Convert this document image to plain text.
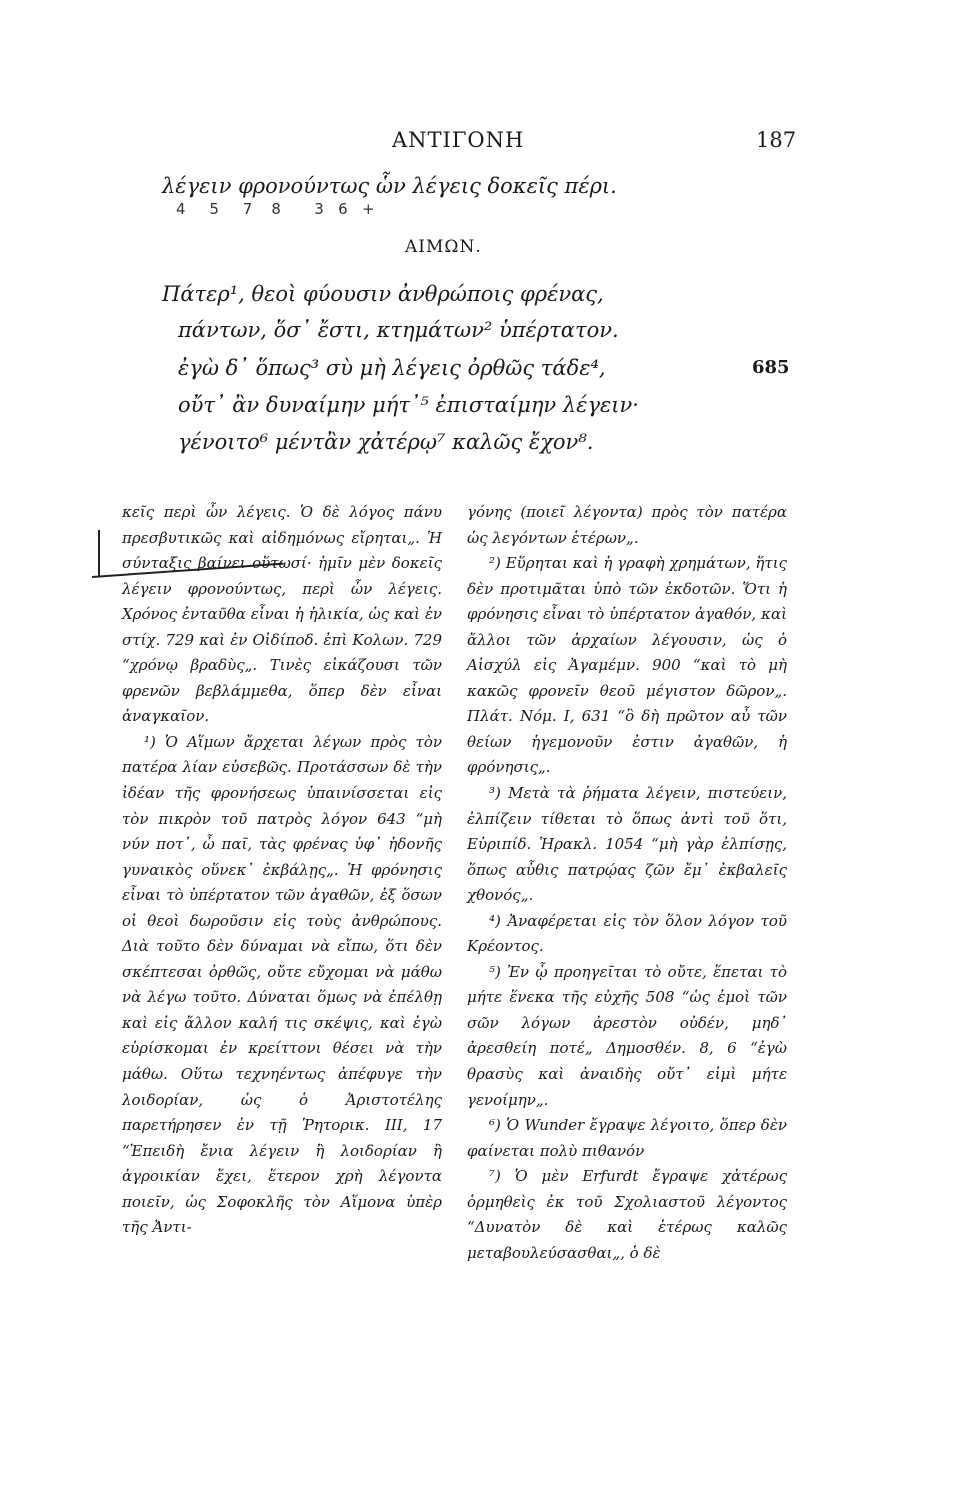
ΑΝΤΙΓΟΝΗ	187
λέγειν φρονούντως ὧν λέγεις δοκεῖς πέρι.
4     5     7    8       3   6   +
ΑΙΜΩΝ.
Πάτερ¹, θεοὶ φύουσιν ἀνθρώποις φρένας,
πάντων, ὅσ᾽ ἔστι, κτημάτων² ὑπέρτατον.
ἐγὼ δ᾽ ὅπως³ σὺ μὴ λέγεις ὀρθῶς τάδε⁴,
οὔτ᾽ ἂν δυναίμην μήτ᾽⁵ ἐπισταίμην λέγειν·
γένοιτο⁶ μέντἂν χἀτέρῳ⁷ καλῶς ἔχον⁸.
685

κεῖς περὶ ὧν λέγεις. Ὁ δὲ λόγος πάνυ πρεσβυτικῶς καὶ αἰδημόνως εἴρηται„. Ἡ σύνταξις βαίνει οὕτωσί· ἡμῖν μὲν δοκεῖς λέγειν φρονούντως, περὶ ὧν λέγεις. Χρόνος ἐνταῦθα εἶναι ἡ ἡλικία, ὡς καὶ ἐν στίχ. 729 καὶ ἐν Οἰδίποδ. ἐπὶ Κολων. 729 “χρόνῳ βραδὺς„. Τινὲς εἰκάζουσι τῶν φρενῶν βεβλάμμεθα, ὅπερ δὲν εἶναι ἀναγκαῖον.

¹) Ὁ Αἵμων ἄρχεται λέγων πρὸς τὸν πατέρα λίαν εὐσεβῶς. Προτάσσων δὲ τὴν ἰδέαν τῆς φρονήσεως ὑπαινίσσεται εἰς τὸν πικρὸν τοῦ πατρὸς λόγον 643 “μὴ νύν ποτ᾽, ὦ παῖ, τὰς φρένας ὑφ᾽ ἡδονῆς γυναικὸς οὕνεκ᾽ ἐκβάλῃς„. Ἡ φρόνησις εἶναι τὸ ὑπέρτατον τῶν ἀγαθῶν, ἐξ ὅσων οἱ θεοὶ δωροῦσιν εἰς τοὺς ἀνθρώπους. Διὰ τοῦτο δὲν δύναμαι νὰ εἴπω, ὅτι δὲν σκέπτεσαι ὀρθῶς, οὔτε εὔχομαι νὰ μάθω νὰ λέγω τοῦτο. Δύναται ὅμως νὰ ἐπέλθῃ καὶ εἰς ἄλλον καλή τις σκέψις, καὶ ἐγὼ εὑρίσκομαι ἐν κρείττονι θέσει νὰ τὴν μάθω. Οὕτω τεχνηέντως ἀπέφυγε τὴν λοιδορίαν, ὡς ὁ Ἀριστοτέλης παρετήρησεν ἐν τῇ Ῥητορικ. III, 17 “Ἐπειδὴ ἔνια λέγειν ἢ λοιδορίαν ἢ ἀγροικίαν ἔχει, ἕτερον χρὴ λέγοντα ποιεῖν, ὡς Σοφοκλῆς τὸν Αἵμονα ὑπὲρ τῆς Ἀντι-

γόνης (ποιεῖ λέγοντα) πρὸς τὸν πατέρα ὡς λεγόντων ἑτέρων„.

²) Εὕρηται καὶ ἡ γραφὴ χρημάτων, ἥτις δὲν προτιμᾶται ὑπὸ τῶν ἐκδοτῶν. Ὅτι ἡ φρόνησις εἶναι τὸ ὑπέρτατον ἀγαθόν, καὶ ἄλλοι τῶν ἀρχαίων λέγουσιν, ὡς ὁ Αἰσχύλ εἰς Ἀγαμέμν. 900 “καὶ τὸ μὴ κακῶς φρονεῖν θεοῦ μέγιστον δῶρον„. Πλάτ. Νόμ. I, 631 “ὃ δὴ πρῶτον αὖ τῶν θείων ἡγεμονοῦν ἐστιν ἀγαθῶν, ἡ φρόνησις„.

³) Μετὰ τὰ ῥήματα λέγειν, πιστεύειν, ἐλπίζειν τίθεται τὸ ὅπως ἀντὶ τοῦ ὅτι, Εὐριπίδ. Ἡρακλ. 1054 “μὴ γὰρ ἐλπίσῃς, ὅπως αὖθις πατρῴας ζῶν ἔμ᾽ ἐκβαλεῖς χθονός„.

⁴) Ἀναφέρεται εἰς τὸν ὅλον λόγον τοῦ Κρέοντος.

⁵) Ἐν ᾧ προηγεῖται τὸ οὔτε, ἕπεται τὸ μήτε ἕνεκα τῆς εὐχῆς 508 “ὡς ἐμοὶ τῶν σῶν λόγων ἀρεστὸν οὐδέν, μηδ᾽ ἀρεσθείη ποτέ„ Δημοσθέν. 8, 6 “ἐγὼ θρασὺς καὶ ἀναιδὴς οὔτ᾽ εἰμὶ μήτε γενοίμην„.

⁶) Ὁ Wunder ἔγραψε λέγοιτο, ὅπερ δὲν φαίνεται πολὺ πιθανόν

⁷) Ὁ μὲν Erfurdt ἔγραψε χἀτέρως ὁρμηθεὶς ἐκ τοῦ Σχολιαστοῦ λέγοντος “Δυνατὸν δὲ καὶ ἑτέρως καλῶς μεταβουλεύσασθαι„, ὁ δὲ
